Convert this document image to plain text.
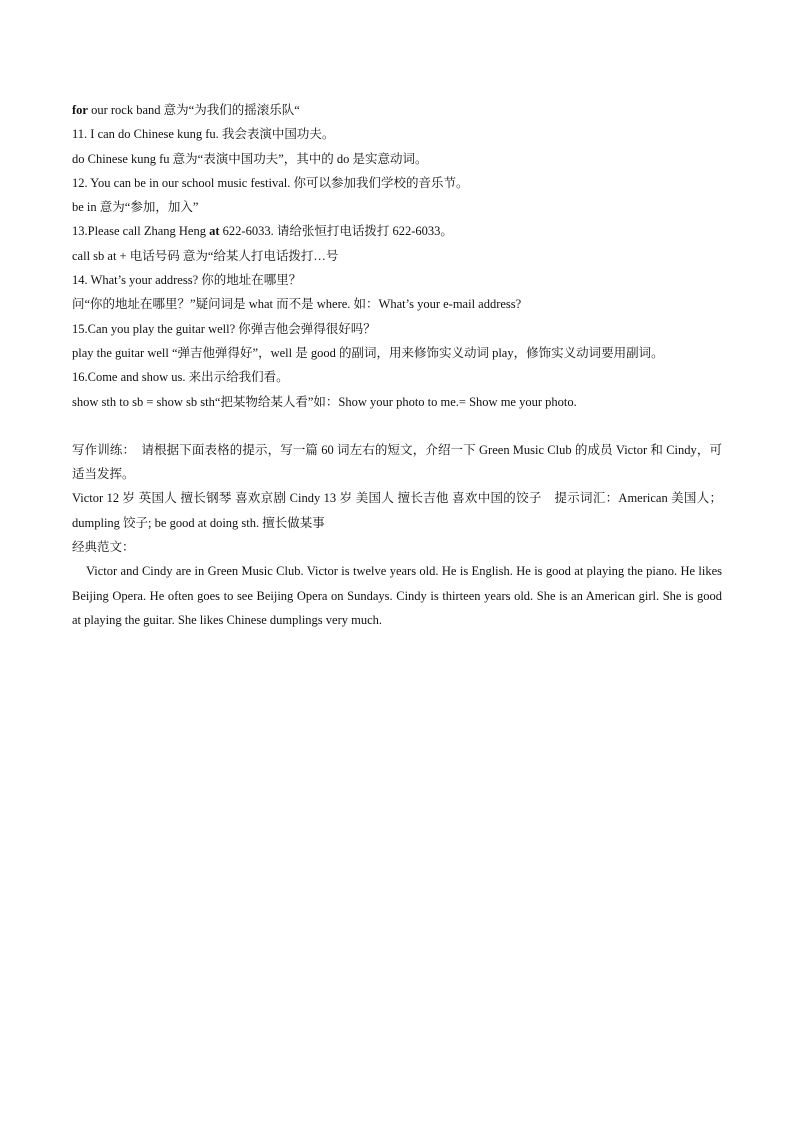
for our rock band 意为“为我们的摇滚乐队“
11. I can do Chinese kung fu. 我会表演中国功夫。
do Chinese kung fu 意为“表演中国功夫”，其中的 do 是实意动词。
12. You can be in our school music festival. 你可以参加我们学校的音乐节。
be in 意为“参加，加入”
13.Please call Zhang Heng at 622-6033. 请给张恒打电话拨打 622-6033。
call sb at + 电话号码 意为“给某人打电话拨打…号
14. What’s your address? 你的地址在哪里？
问“你的地址在哪里？”疑问词是 what 而不是 where. 如：What’s your e-mail address?
15.Can you play the guitar well? 你弹吉他会弹得很好吗？
play the guitar well “弹吉他弹得好”，well 是 good 的副词，用来修饰实义动词 play，修饰实义动词要用副词。
16.Come and show us. 来出示给我们看。
show sth to sb = show sb sth“把某物给某人看”如：Show your photo to me.= Show me your photo.
写作训练：　请根据下面表格的提示，写一篇 60 词左右的短文，介绍一下 Green Music Club 的成员 Victor 和 Cindy，可适当发挥。
Victor 12 岁 英国人 擅长钢琴 喜欢京剧 Cindy 13 岁 美国人 擅长吉他 喜欢中国的饺子　提示词汇：American 美国人；dumpling 饺子; be good at doing sth. 擅长做某事
经典范文：
Victor and Cindy are in Green Music Club. Victor is twelve years old. He is English. He is good at playing the piano. He likes Beijing Opera. He often goes to see Beijing Opera on Sundays. Cindy is thirteen years old. She is an American girl. She is good at playing the guitar. She likes Chinese dumplings very much.
